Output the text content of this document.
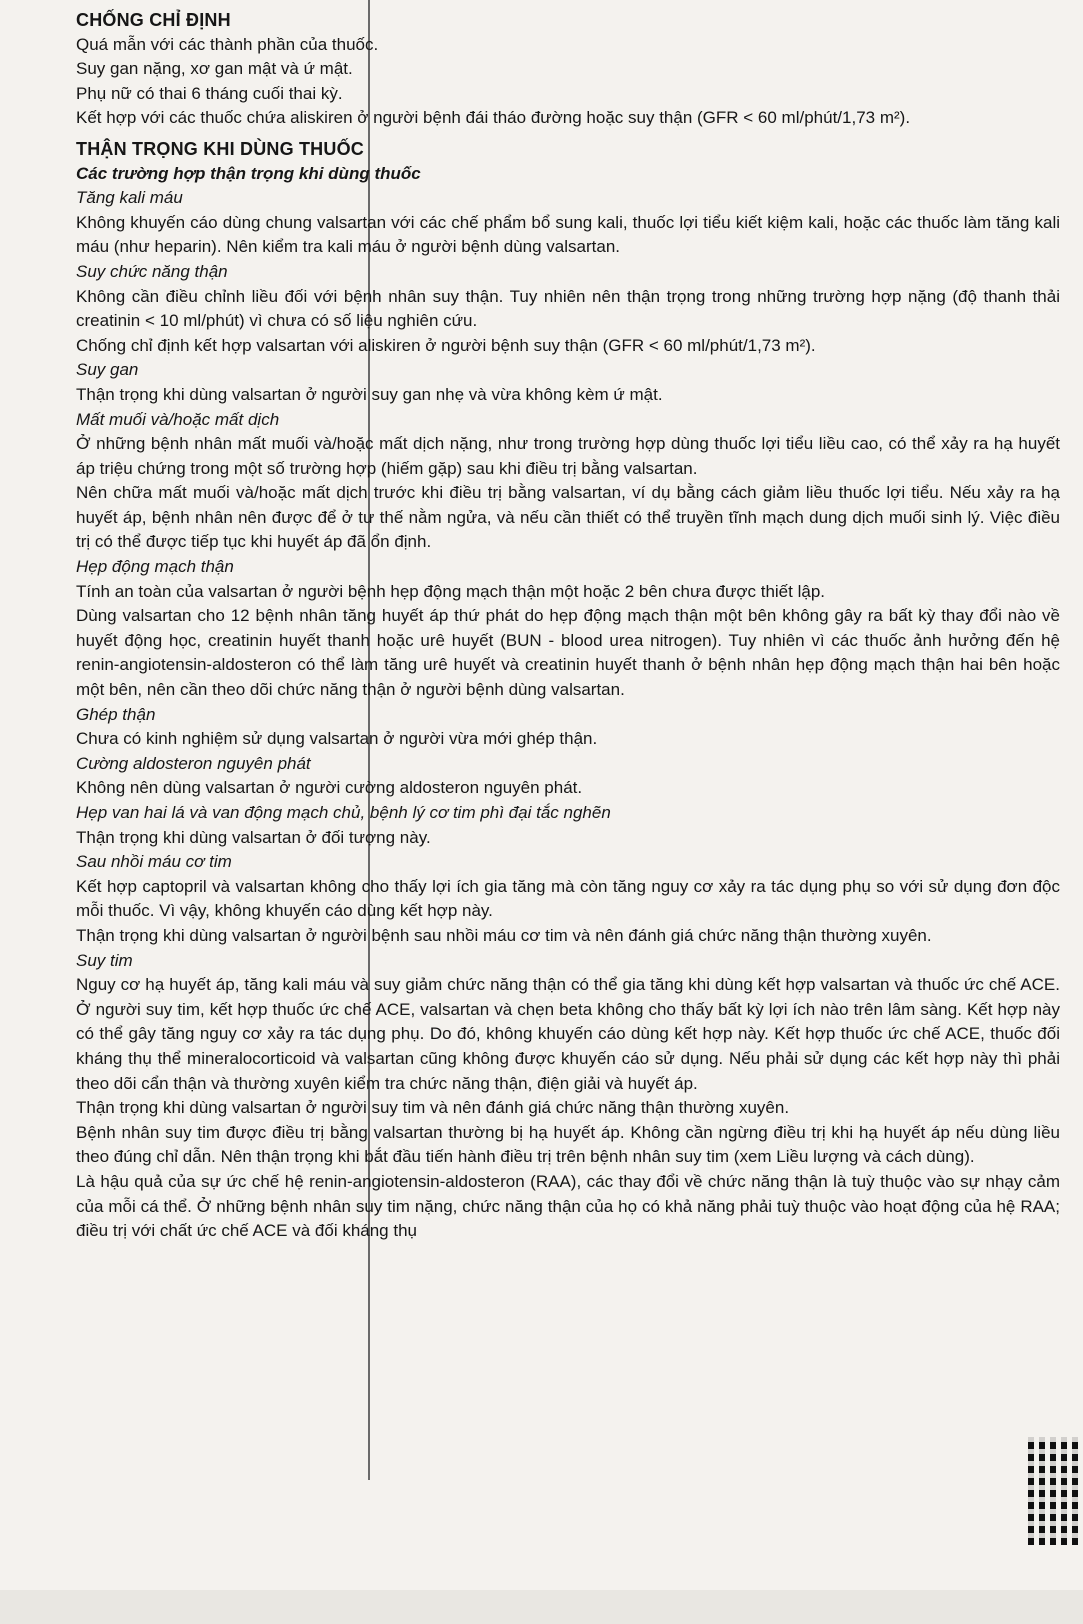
CHỐNG CHỈ ĐỊNH

Quá mẫn với các thành phần của thuốc.

Suy gan nặng, xơ gan mật và ứ mật.

Phụ nữ có thai 6 tháng cuối thai kỳ.

Kết hợp với các thuốc chứa aliskiren ở người bệnh đái tháo đường hoặc suy thận (GFR < 60 ml/phút/1,73 m²).

THẬN TRỌNG KHI DÙNG THUỐC
Các trường hợp thận trọng khi dùng thuốc
Tăng kali máu

Không khuyến cáo dùng chung valsartan với các chế phẩm bổ sung kali, thuốc lợi tiểu kiết kiệm kali, hoặc các thuốc làm tăng kali máu (như heparin). Nên kiểm tra kali máu ở người bệnh dùng valsartan.

Suy chức năng thận

Không cần điều chỉnh liều đối với bệnh nhân suy thận. Tuy nhiên nên thận trọng trong những trường hợp nặng (độ thanh thải creatinin < 10 ml/phút) vì chưa có số liệu nghiên cứu.

Chống chỉ định kết hợp valsartan với aliskiren ở người bệnh suy thận (GFR < 60 ml/phút/1,73 m²).

Suy gan

Thận trọng khi dùng valsartan ở người suy gan nhẹ và vừa không kèm ứ mật.

Mất muối và/hoặc mất dịch

Ở những bệnh nhân mất muối và/hoặc mất dịch nặng, như trong trường hợp dùng thuốc lợi tiểu liều cao, có thể xảy ra hạ huyết áp triệu chứng trong một số trường hợp (hiếm gặp) sau khi điều trị bằng valsartan.

Nên chữa mất muối và/hoặc mất dịch trước khi điều trị bằng valsartan, ví dụ bằng cách giảm liều thuốc lợi tiểu. Nếu xảy ra hạ huyết áp, bệnh nhân nên được để ở tư thế nằm ngửa, và nếu cần thiết có thể truyền tĩnh mạch dung dịch muối sinh lý. Việc điều trị có thể được tiếp tục khi huyết áp đã ổn định.

Hẹp động mạch thận

Tính an toàn của valsartan ở người bệnh hẹp động mạch thận một hoặc 2 bên chưa được thiết lập.

Dùng valsartan cho 12 bệnh nhân tăng huyết áp thứ phát do hẹp động mạch thận một bên không gây ra bất kỳ thay đổi nào về huyết động học, creatinin huyết thanh hoặc urê huyết (BUN - blood urea nitrogen). Tuy nhiên vì các thuốc ảnh hưởng đến hệ renin-angiotensin-aldosteron có thể làm tăng urê huyết và creatinin huyết thanh ở bệnh nhân hẹp động mạch thận hai bên hoặc một bên, nên cần theo dõi chức năng thận ở người bệnh dùng valsartan.

Ghép thận

Chưa có kinh nghiệm sử dụng valsartan ở người vừa mới ghép thận.

Cường aldosteron nguyên phát

Không nên dùng valsartan ở người cường aldosteron nguyên phát.

Hẹp van hai lá và van động mạch chủ, bệnh lý cơ tim phì đại tắc nghẽn

Thận trọng khi dùng valsartan ở đối tượng này.

Sau nhồi máu cơ tim

Kết hợp captopril và valsartan không cho thấy lợi ích gia tăng mà còn tăng nguy cơ xảy ra tác dụng phụ so với sử dụng đơn độc mỗi thuốc. Vì vậy, không khuyến cáo dùng kết hợp này.

Thận trọng khi dùng valsartan ở người bệnh sau nhồi máu cơ tim và nên đánh giá chức năng thận thường xuyên.

Suy tim

Nguy cơ hạ huyết áp, tăng kali máu và suy giảm chức năng thận có thể gia tăng khi dùng kết hợp valsartan và thuốc ức chế ACE. Ở người suy tim, kết hợp thuốc ức chế ACE, valsartan và chẹn beta không cho thấy bất kỳ lợi ích nào trên lâm sàng. Kết hợp này có thể gây tăng nguy cơ xảy ra tác dụng phụ. Do đó, không khuyến cáo dùng kết hợp này. Kết hợp thuốc ức chế ACE, thuốc đối kháng thụ thể mineralocorticoid và valsartan cũng không được khuyến cáo sử dụng. Nếu phải sử dụng các kết hợp này thì phải theo dõi cẩn thận và thường xuyên kiểm tra chức năng thận, điện giải và huyết áp.

Thận trọng khi dùng valsartan ở người suy tim và nên đánh giá chức năng thận thường xuyên.

Bệnh nhân suy tim được điều trị bằng valsartan thường bị hạ huyết áp. Không cần ngừng điều trị khi hạ huyết áp nếu dùng liều theo đúng chỉ dẫn. Nên thận trọng khi bắt đầu tiến hành điều trị trên bệnh nhân suy tim (xem Liều lượng và cách dùng).

Là hậu quả của sự ức chế hệ renin-angiotensin-aldosteron (RAA), các thay đổi về chức năng thận là tuỳ thuộc vào sự nhạy cảm của mỗi cá thể. Ở những bệnh nhân suy tim nặng, chức năng thận của họ có khả năng phải tuỳ thuộc vào hoạt động của hệ RAA; điều trị với chất ức chế ACE và đối kháng thụ
